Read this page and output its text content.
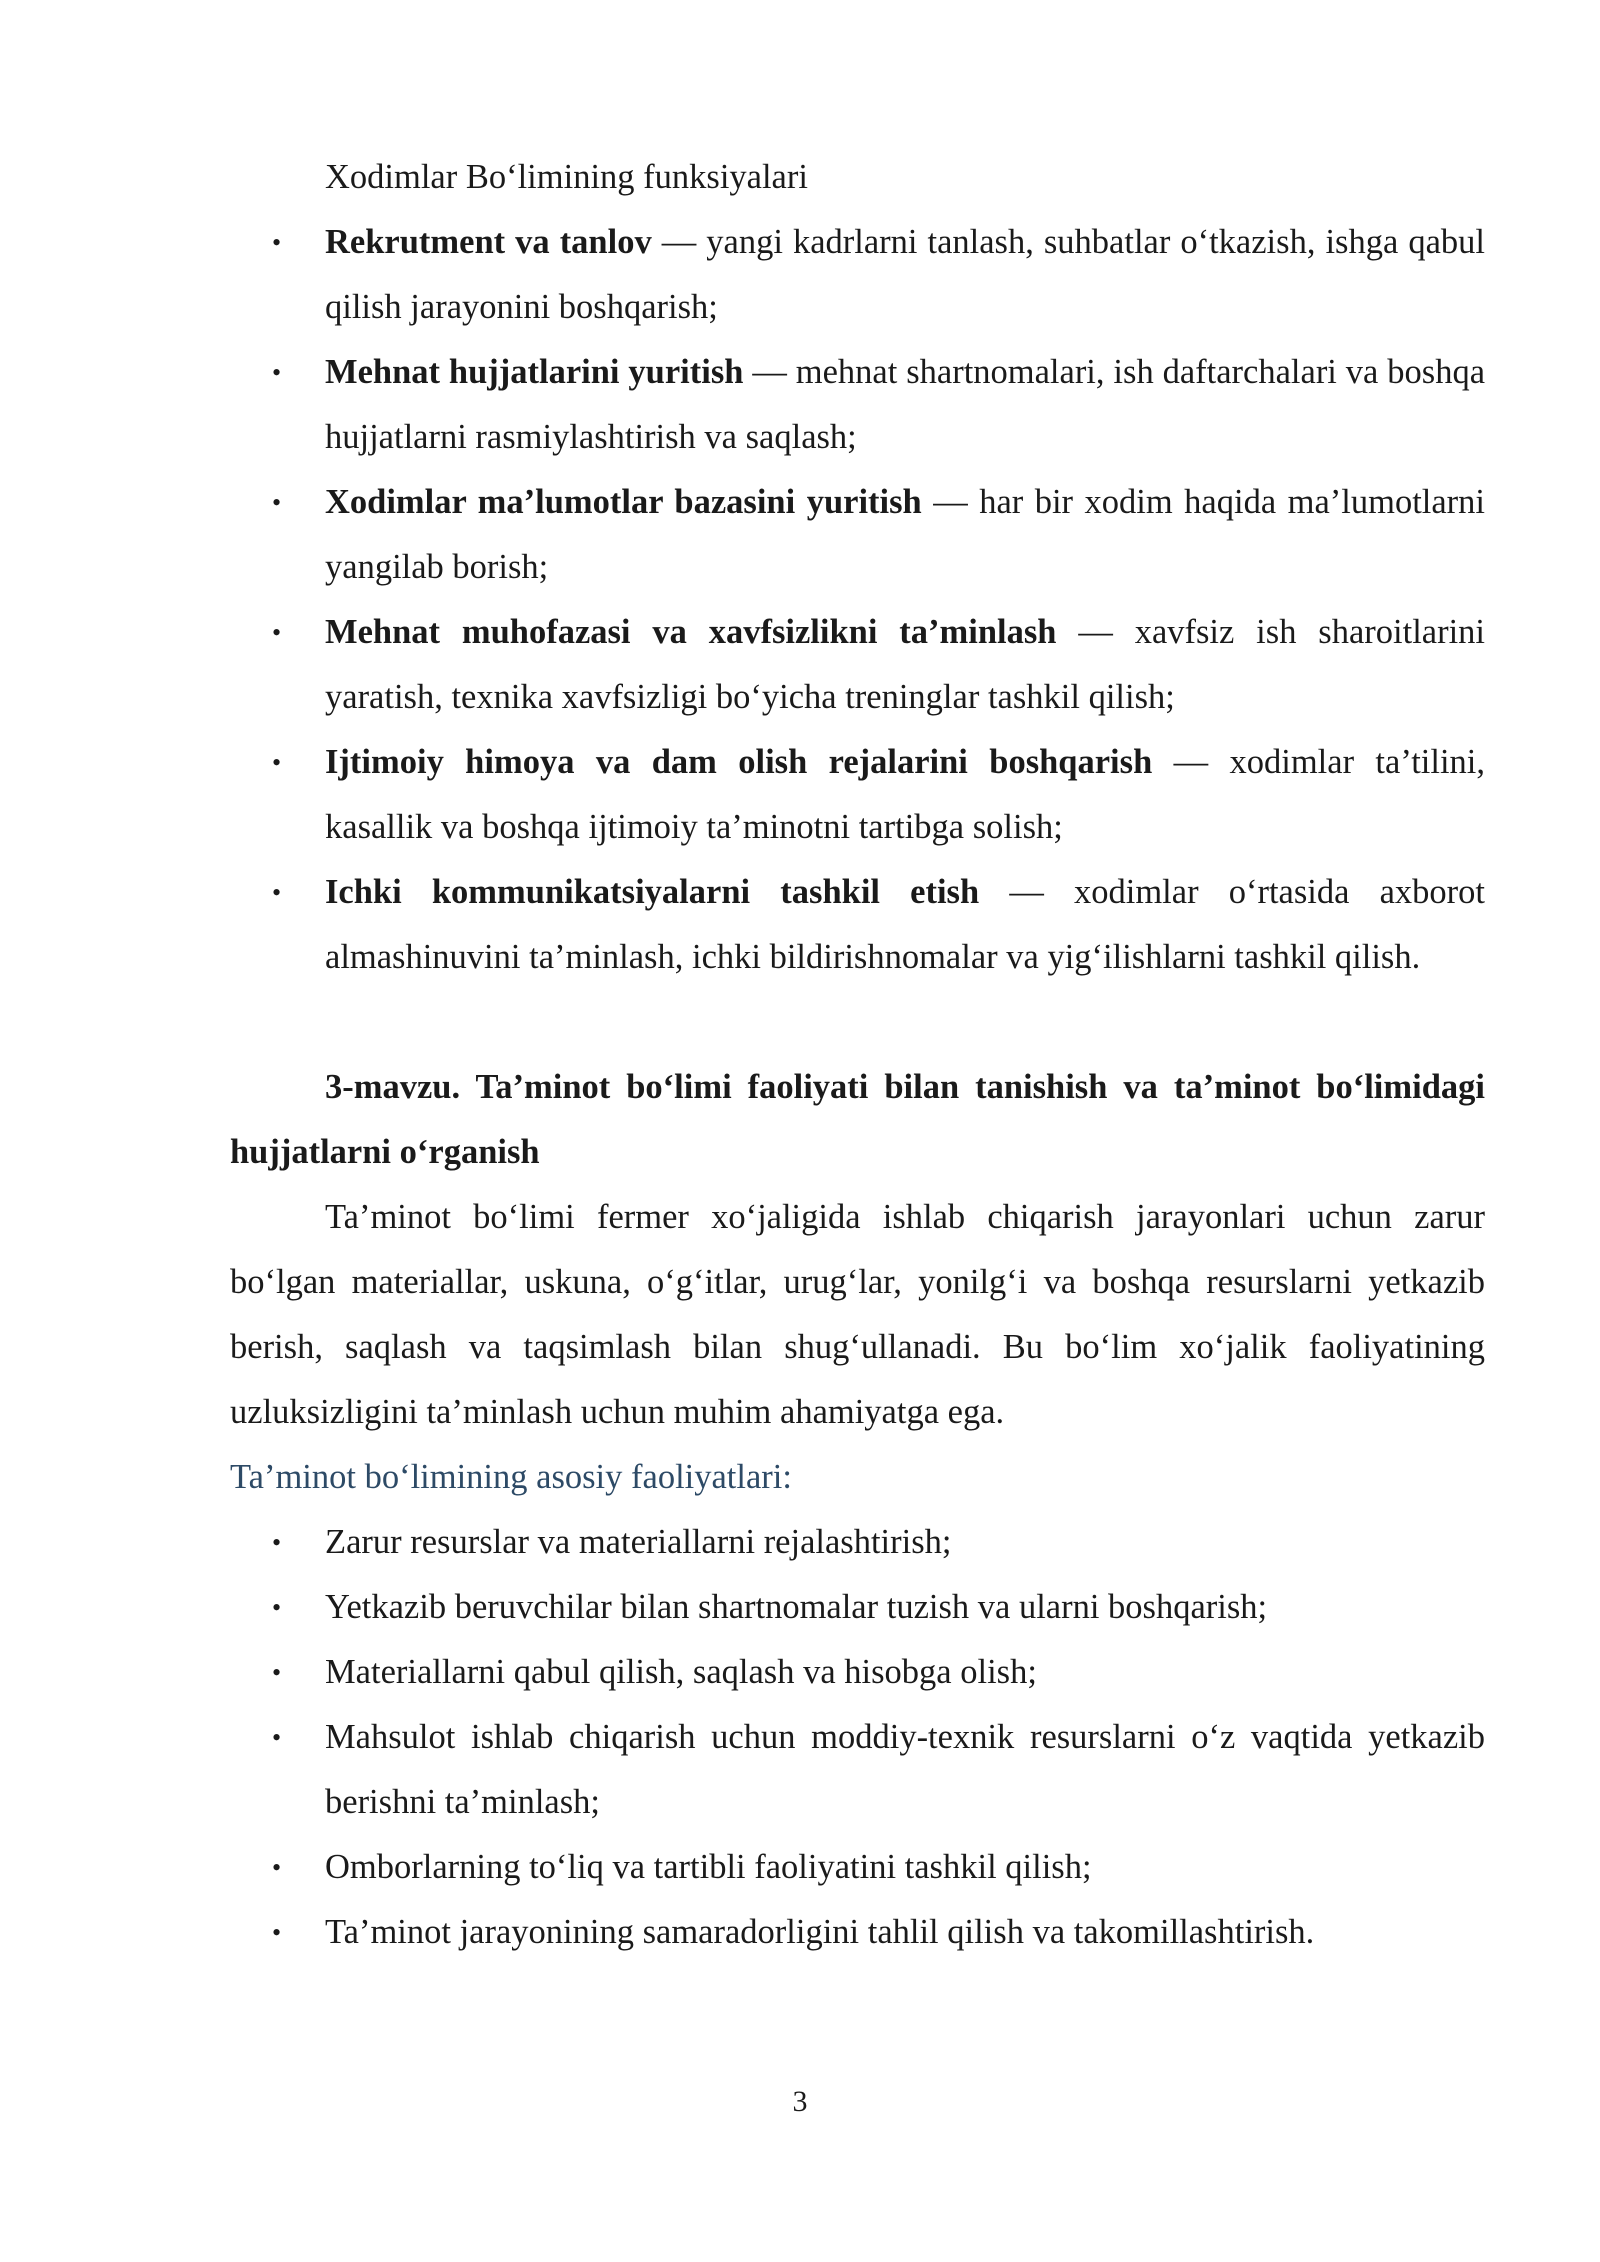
Xodimlar Bo‘limining funksiyalari
• Rekrutment va tanlov — yangi kadrlarni tanlash, suhbatlar o‘tkazish, ishga qabul qilish jarayonini boshqarish;
• Mehnat hujjatlarini yuritish — mehnat shartnomalari, ish daftarchalari va boshqa hujjatlarni rasmiylashtirish va saqlash;
• Xodimlar ma’lumotlar bazasini yuritish — har bir xodim haqida ma’lumotlarni yangilab borish;
• Mehnat muhofazasi va xavfsizlikni ta’minlash — xavfsiz ish sharoitlarini yaratish, texnika xavfsizligi bo‘yicha treninglar tashkil qilish;
• Ijtimoiy himoya va dam olish rejalarini boshqarish — xodimlar ta’tilini, kasallik va boshqa ijtimoiy ta’minotni tartibga solish;
• Ichki kommunikatsiyalarni tashkil etish — xodimlar o‘rtasida axborot almashinuvini ta’minlash, ichki bildirishnomalar va yig‘ilishlarni tashkil qilish.
3-mavzu. Ta’minot bo‘limi faoliyati bilan tanishish va ta’minot bo‘limidagi hujjatlarni o‘rganish
Ta’minot bo‘limi fermer xo‘jaligida ishlab chiqarish jarayonlari uchun zarur bo‘lgan materiallar, uskuna, o‘g‘itlar, urug‘lar, yonilg‘i va boshqa resurslarni yetkazib berish, saqlash va taqsimlash bilan shug‘ullanadi. Bu bo‘lim xo‘jalik faoliyatining uzluksizligini ta’minlash uchun muhim ahamiyatga ega.
Ta’minot bo‘limining asosiy faoliyatlari:
• Zarur resurslar va materiallarni rejalashtirish;
• Yetkazib beruvchilar bilan shartnomalar tuzish va ularni boshqarish;
• Materiallarni qabul qilish, saqlash va hisobga olish;
• Mahsulot ishlab chiqarish uchun moddiy-texnik resurslarni o‘z vaqtida yetkazib berishni ta’minlash;
• Omborlarning to‘liq va tartibli faoliyatini tashkil qilish;
• Ta’minot jarayonining samaradorligini tahlil qilish va takomillashtirish.
3
